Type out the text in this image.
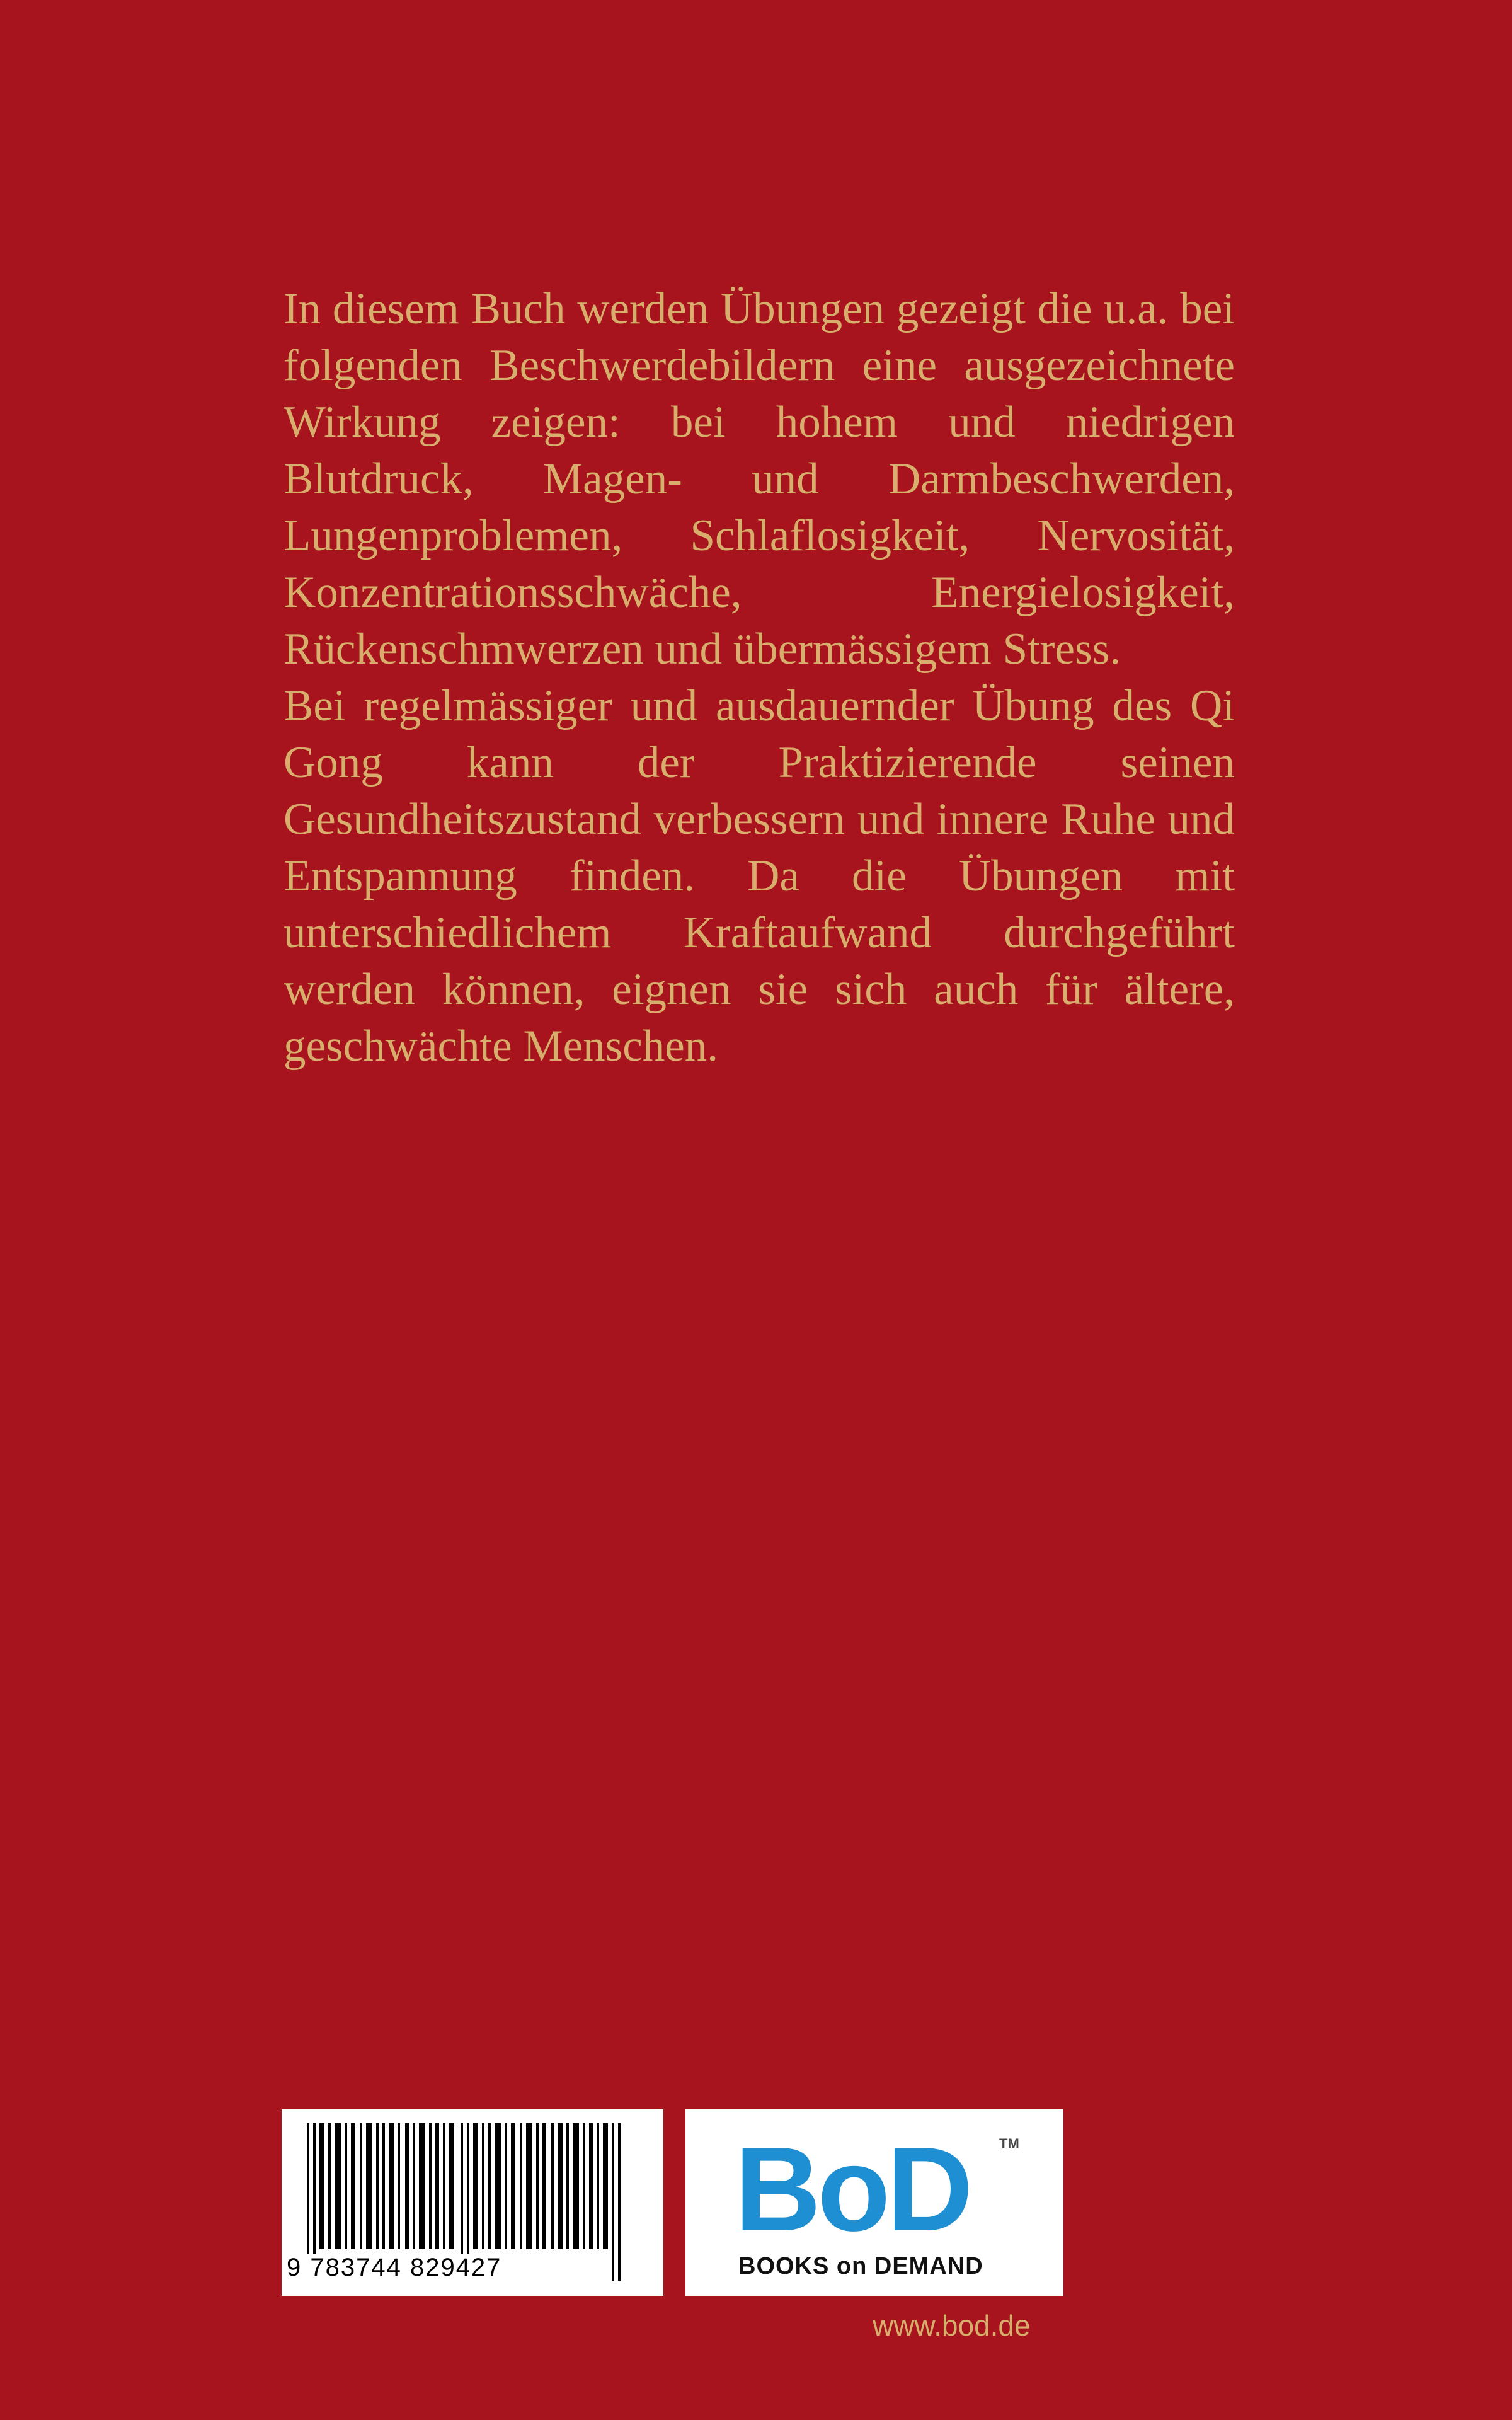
In diesem Buch werden Übungen gezeigt die u.a. bei folgenden Beschwerdebildern eine ausgezeichnete Wirkung zeigen: bei hohem und niedrigen Blutdruck, Magen- und Darmbeschwerden, Lungenproblemen, Schlaflosigkeit, Nervosität, Konzentrationsschwäche, Energielosigkeit, Rückenschmwerzen und übermässigem Stress.

Bei regelmässiger und ausdauernder Übung des Qi Gong kann der Praktizierende seinen Gesundheitszustand verbessern und innere Ruhe und Entspannung finden. Da die Übungen mit unterschiedlichem Kraftaufwand durchgeführt werden können, eignen sie sich auch für ältere, geschwächte Menschen.

9 783744 829427
BoD TM
BOOKS on DEMAND
www.bod.de
